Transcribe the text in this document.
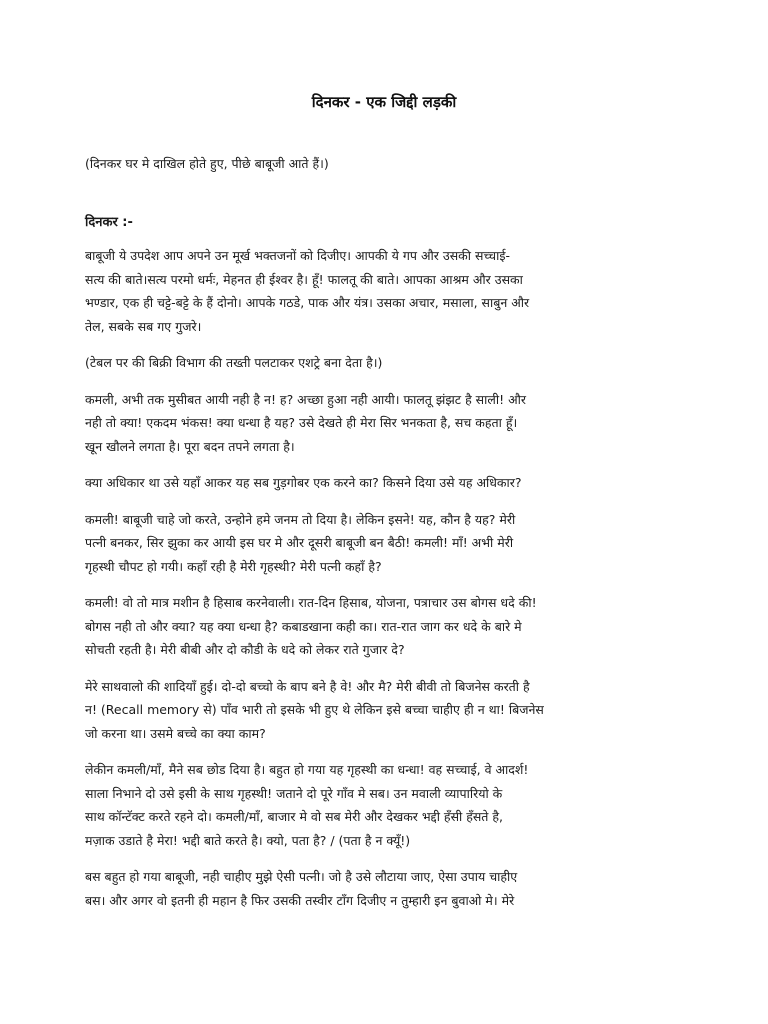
दिनकर - एक जिद्दी लड़की
(दिनकर घर मे दाखिल होते हुए, पीछे बाबूजी आते हैं।)
दिनकर :-
बाबूजी ये उपदेश आप अपने उन मूर्ख भक्तजनों को दिजीए। आपकी ये गप और उसकी सच्चाई-
सत्य की बाते।सत्य परमो धर्मः, मेहनत ही ईश्वर है। हूँ! फालतू की बाते। आपका आश्रम और उसका
भण्डार, एक ही चट्टे-बट्टे के हैं दोनो। आपके गठडे, पाक और यंत्र। उसका अचार, मसाला, साबुन और
तेल, सबके सब गए गुजरे।
(टेबल पर की बिक्री विभाग की तख्ती पलटाकर एशट्रे बना देता है।)
कमली, अभी तक मुसीबत आयी नही है न! ह? अच्छा हुआ नही आयी। फालतू झंझट है साली! और
नही तो क्या! एकदम भंकस! क्या धन्धा है यह? उसे देखते ही मेरा सिर भनकता है, सच कहता हूँ।
खून खौलने लगता है। पूरा बदन तपने लगता है।
क्या अधिकार था उसे यहाँ आकर यह सब गुड़गोबर एक करने का? किसने दिया उसे यह अधिकार?
कमली! बाबूजी चाहे जो करते, उन्होने हमे जनम तो दिया है। लेकिन इसने! यह, कौन है यह? मेरी
पत्नी बनकर, सिर झुका कर आयी इस घर मे और दूसरी बाबूजी बन बैठी! कमली! माँ! अभी मेरी
गृहस्थी चौपट हो गयी। कहाँ रही है मेरी गृहस्थी? मेरी पत्नी कहाँ है?
कमली! वो तो मात्र मशीन है हिसाब करनेवाली। रात-दिन हिसाब, योजना, पत्राचार उस बोगस धदे की!
बोगस नही तो और क्या? यह क्या धन्धा है? कबाडखाना कही का। रात-रात जाग कर धदे के बारे मे
सोचती रहती है। मेरी बीबी और दो कौडी के धदे को लेकर राते गुजार दे?
मेरे साथवालो की शादियाँ हुई। दो-दो बच्चो के बाप बने है वे! और मै? मेरी बीवी तो बिजनेस करती है
न! (Recall memory से) पाँव भारी तो इसके भी हुए थे लेकिन इसे बच्चा चाहीए ही न था! बिजनेस
जो करना था। उसमे बच्चे का क्या काम?
लेकीन कमली/माँ, मैने सब छोड दिया है। बहुत हो गया यह गृहस्थी का धन्धा! वह सच्चाई, वे आदर्श!
साला निभाने दो उसे इसी के साथ गृहस्थी! जताने दो पूरे गाँव मे सब। उन मवाली व्यापारियो के
साथ कॉन्टॅक्ट करते रहने दो। कमली/माँ, बाजार मे वो सब मेरी और देखकर भद्दी हँसी हँसते है,
मज़ाक उडाते है मेरा! भद्दी बाते करते है। क्यो, पता है? / (पता है न क्यूँ!)
बस बहुत हो गया बाबूजी, नही चाहीए मुझे ऐसी पत्नी। जो है उसे लौटाया जाए, ऐसा उपाय चाहीए
बस। और अगर वो इतनी ही महान है फिर उसकी तस्वीर टाँग दिजीए न तुम्हारी इन बुवाओ मे। मेरे
